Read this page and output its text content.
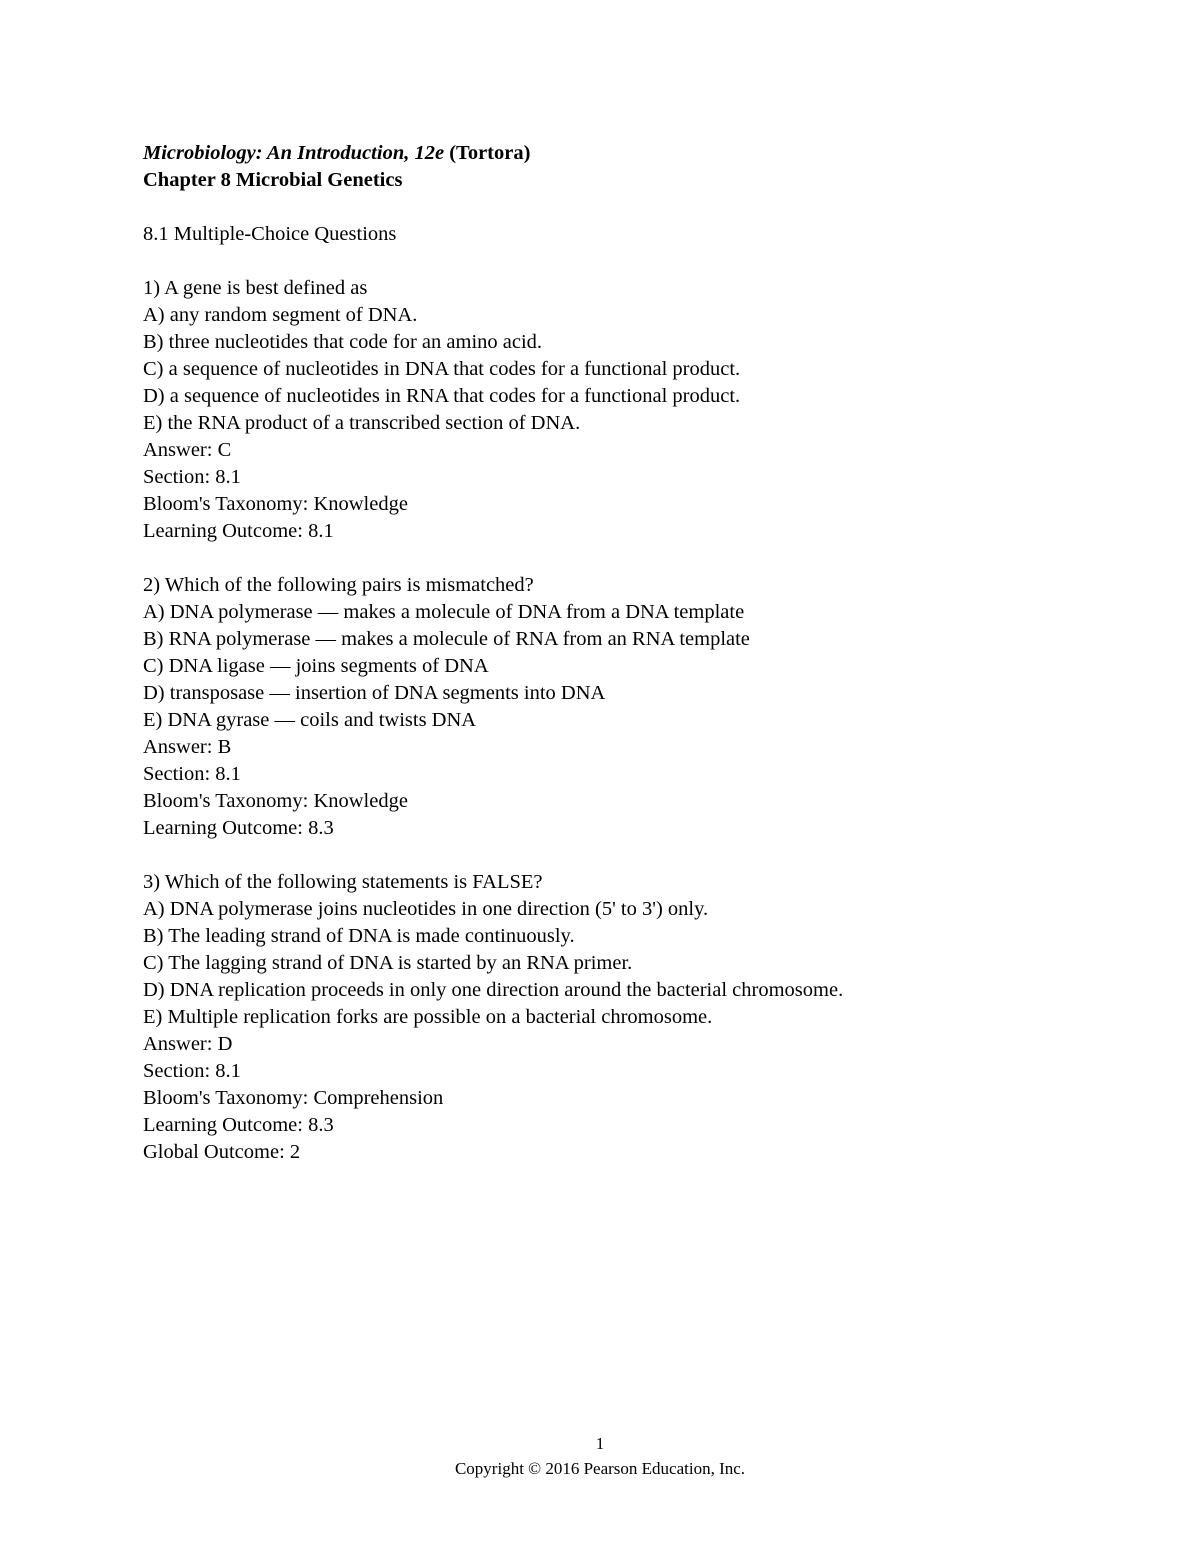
Microbiology: An Introduction, 12e (Tortora)
Chapter 8 Microbial Genetics
8.1 Multiple-Choice Questions
1) A gene is best defined as
A) any random segment of DNA.
B) three nucleotides that code for an amino acid.
C) a sequence of nucleotides in DNA that codes for a functional product.
D) a sequence of nucleotides in RNA that codes for a functional product.
E) the RNA product of a transcribed section of DNA.
Answer: C
Section: 8.1
Bloom's Taxonomy: Knowledge
Learning Outcome: 8.1
2) Which of the following pairs is mismatched?
A) DNA polymerase — makes a molecule of DNA from a DNA template
B) RNA polymerase — makes a molecule of RNA from an RNA template
C) DNA ligase — joins segments of DNA
D) transposase — insertion of DNA segments into DNA
E) DNA gyrase — coils and twists DNA
Answer: B
Section: 8.1
Bloom's Taxonomy: Knowledge
Learning Outcome: 8.3
3) Which of the following statements is FALSE?
A) DNA polymerase joins nucleotides in one direction (5' to 3') only.
B) The leading strand of DNA is made continuously.
C) The lagging strand of DNA is started by an RNA primer.
D) DNA replication proceeds in only one direction around the bacterial chromosome.
E) Multiple replication forks are possible on a bacterial chromosome.
Answer: D
Section: 8.1
Bloom's Taxonomy: Comprehension
Learning Outcome: 8.3
Global Outcome: 2
1
Copyright © 2016 Pearson Education, Inc.
